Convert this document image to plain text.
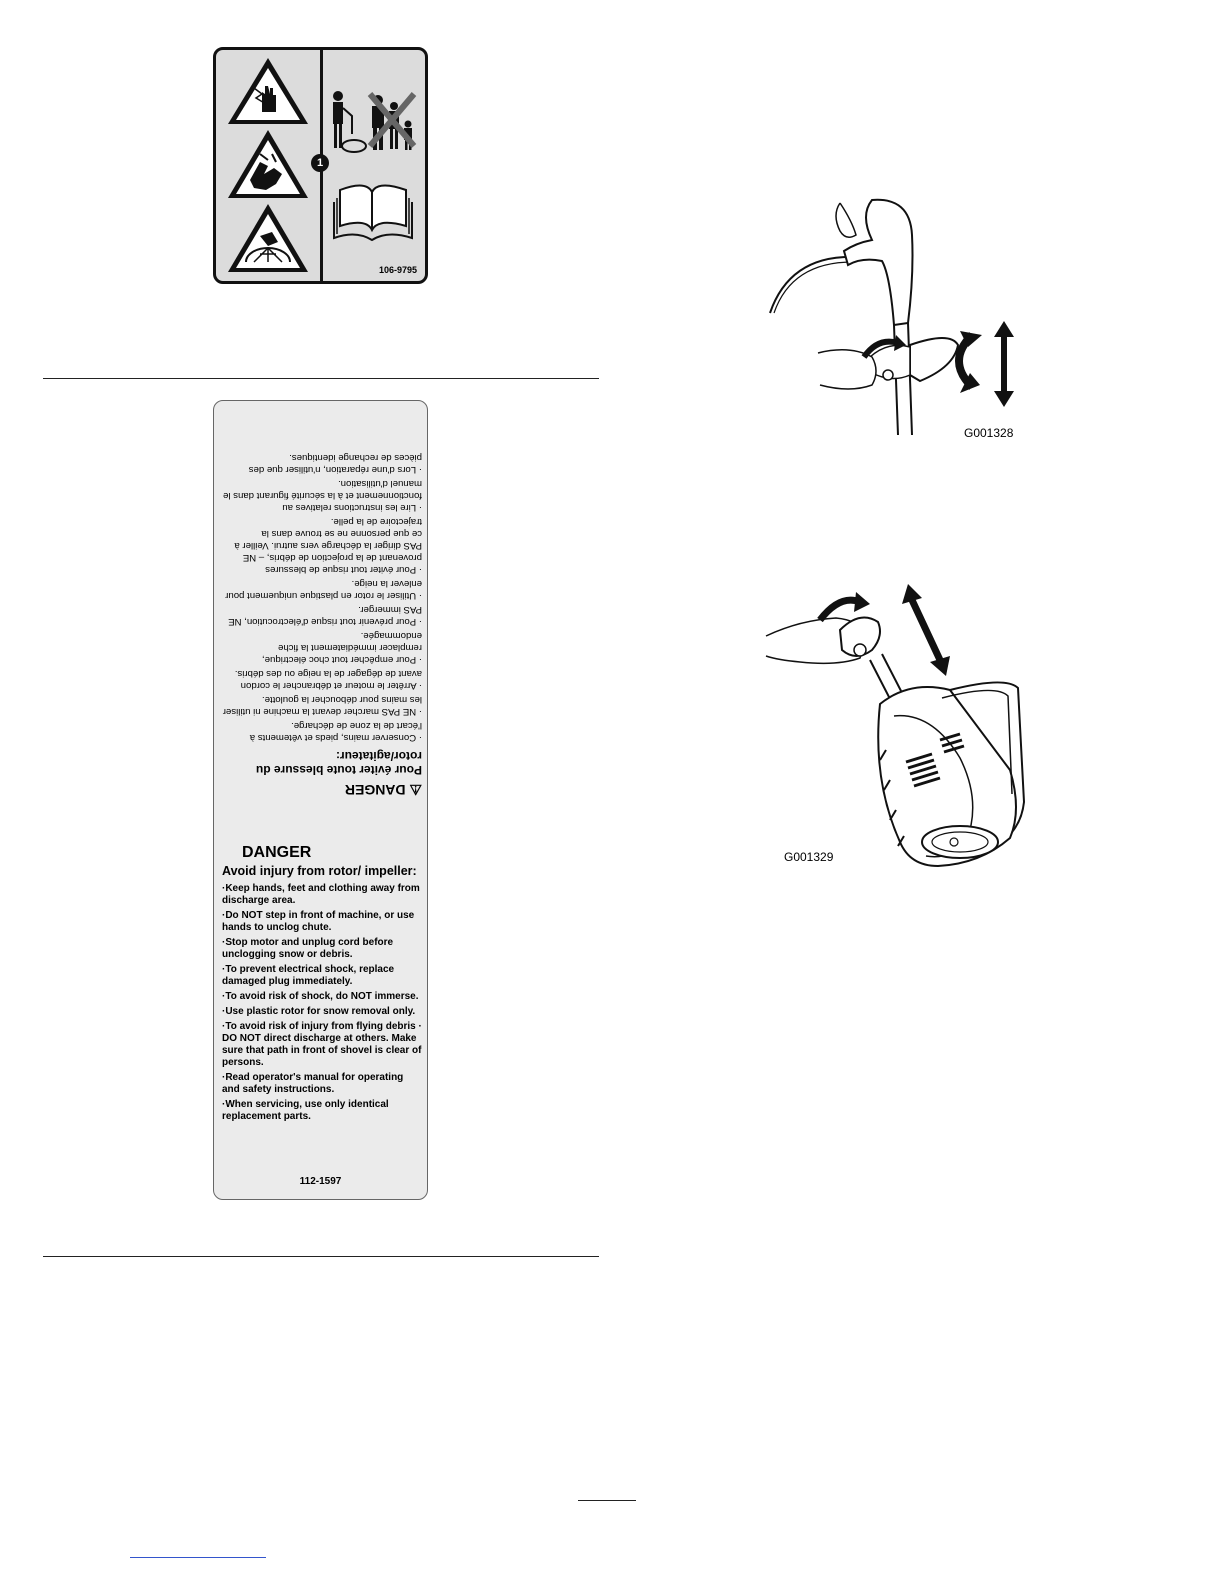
1
106-9795
⚠ DANGER
Pour éviter toute blessure du rotor/agitateur:
· Conserver mains, pieds et vêtements à l'écart de la zone de décharge.
· NE PAS marcher devant la machine ni utiliser les mains pour déboucher la goulotte.
· Arrêter le moteur et débrancher le cordon avant de dégager de la neige ou des débris.
· Pour empêcher tout choc électrique, remplacer immédiatement la fiche endommagée.
· Pour prévenir tout risque d'électrocution, NE PAS immerger.
· Utiliser le rotor en plastique uniquement pour enlever la neige.
· Pour éviter tout risque de blessures provenant de la projection de débris, – NE PAS diriger la décharge vers autrui. Veiller à ce que personne ne se trouve dans la trajectoire de la pelle.
· Lire les instructions relatives au fonctionnement et à la sécurité figurant dans le manuel d'utilisation.
· Lors d'une réparation, n'utiliser que des pièces de rechange identiques.
DANGER
Avoid injury from rotor/ impeller:
·Keep hands, feet and clothing away from discharge area.
·Do NOT step in front of machine, or use hands to unclog chute.
·Stop motor and unplug cord before unclogging snow or debris.
·To prevent electrical shock, replace damaged plug immediately.
·To avoid risk of shock, do NOT immerse.
·Use plastic rotor for snow removal only.
·To avoid risk of injury from flying debris · DO NOT direct discharge at others. Make sure that path in front of shovel is clear of persons.
·Read operator's manual for operating and safety instructions.
·When servicing, use only identical replacement parts.
112-1597
G001328
G001329
